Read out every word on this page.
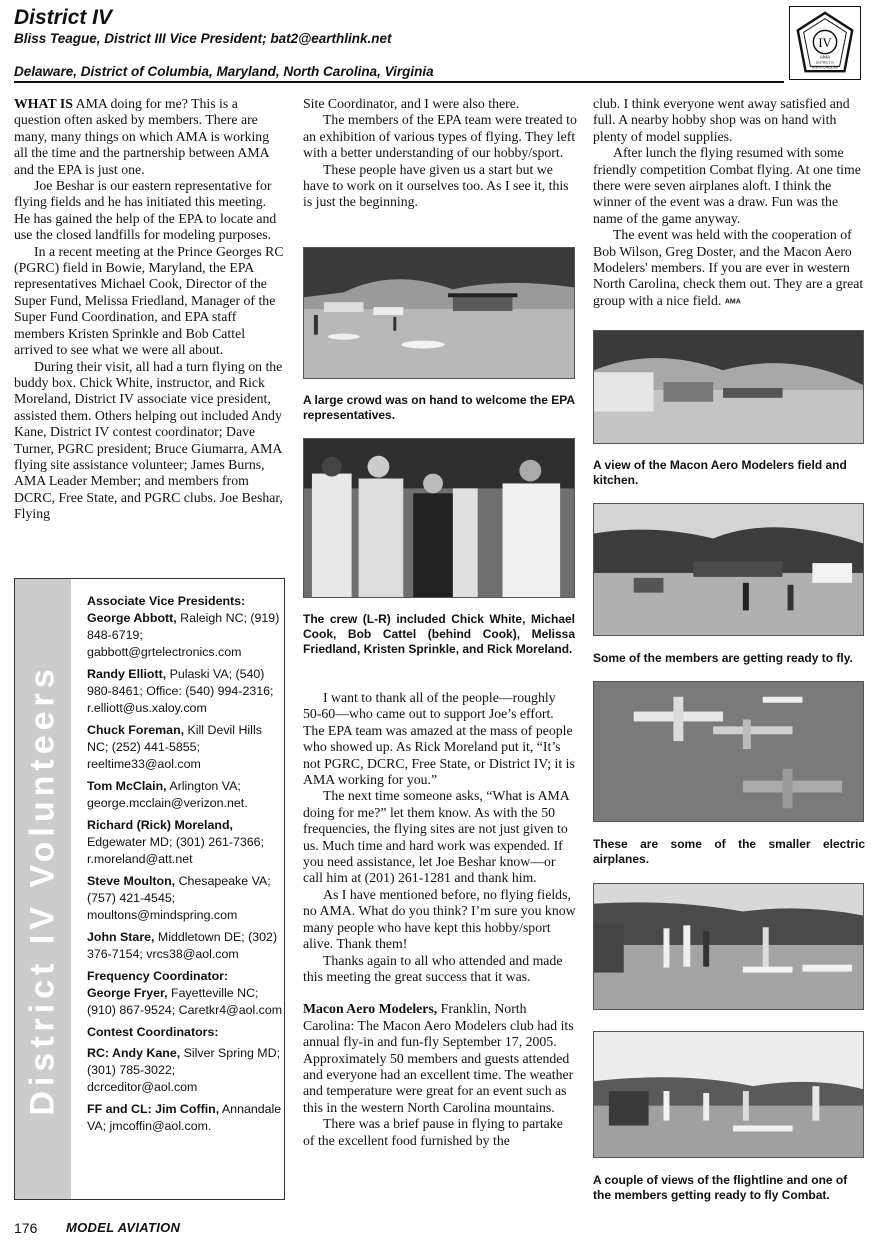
District IV
Bliss Teague, District III Vice President; bat2@earthlink.net
Delaware, District of Columbia, Maryland, North Carolina, Virginia
IV
AMA
DISTRICT IV
NORTH CAROLINA

WHAT IS AMA doing for me? This is a question often asked by members. There are many, many things on which AMA is working all the time and the partnership between AMA and the EPA is just one.

Joe Beshar is our eastern representative for flying fields and he has initiated this meeting. He has gained the help of the EPA to locate and use the closed landfills for modeling purposes.

In a recent meeting at the Prince Georges RC (PGRC) field in Bowie, Maryland, the EPA representatives Michael Cook, Director of the Super Fund, Melissa Friedland, Manager of the Super Fund Coordination, and EPA staff members Kristen Sprinkle and Bob Cattel arrived to see what we were all about.

During their visit, all had a turn flying on the buddy box. Chick White, instructor, and Rick Moreland, District IV associate vice president, assisted them. Others helping out included Andy Kane, District IV contest coordinator; Dave Turner, PGRC president; Bruce Giumarra, AMA flying site assistance volunteer; James Burns, AMA Leader Member; and members from DCRC, Free State, and PGRC clubs. Joe Beshar, Flying

Site Coordinator, and I were also there.

The members of the EPA team were treated to an exhibition of various types of flying. They left with a better understanding of our hobby/sport.

These people have given us a start but we have to work on it ourselves too. As I see it, this is just the beginning.

A large crowd was on hand to welcome the EPA representatives.
The crew (L-R) included Chick White, Michael Cook, Bob Cattel (behind Cook), Melissa Friedland, Kristen Sprinkle, and Rick Moreland.

I want to thank all of the people—roughly 50-60—who came out to support Joe’s effort. The EPA team was amazed at the mass of people who showed up. As Rick Moreland put it, “It’s not PGRC, DCRC, Free State, or District IV; it is AMA working for you.”

The next time someone asks, “What is AMA doing for me?” let them know. As with the 50 frequencies, the flying sites are not just given to us. Much time and hard work was expended. If you need assistance, let Joe Beshar know—or call him at (201) 261-1281 and thank him.

As I have mentioned before, no flying fields, no AMA. What do you think? I’m sure you know many people who have kept this hobby/sport alive. Thank them!

Thanks again to all who attended and made this meeting the great success that it was.

Macon Aero Modelers, Franklin, North Carolina: The Macon Aero Modelers club had its annual fly-in and fun-fly September 17, 2005. Approximately 50 members and guests attended and everyone had an excellent time. The weather and temperature were great for an event such as this in the western North Carolina mountains.

There was a brief pause in flying to partake of the excellent food furnished by the

club. I think everyone went away satisfied and full. A nearby hobby shop was on hand with plenty of model supplies.

After lunch the flying resumed with some friendly competition Combat flying. At one time there were seven airplanes aloft. I think the winner of the event was a draw. Fun was the name of the game anyway.

The event was held with the cooperation of Bob Wilson, Greg Doster, and the Macon Aero Modelers' members. If you are ever in western North Carolina, check them out. They are a great group with a nice field. AMA

A view of the Macon Aero Modelers field and kitchen.
Some of the members are getting ready to fly.
These are some of the smaller electric airplanes.
A couple of views of the flightline and one of the members getting ready to fly Combat.
District IV Volunteers
Associate Vice Presidents:
George Abbott, Raleigh NC; (919) 848-6719; gabbott@grtelectronics.com
Randy Elliott, Pulaski VA; (540) 980-8461; Office: (540) 994-2316; r.elliott@us.xaloy.com
Chuck Foreman, Kill Devil Hills NC; (252) 441-5855; reeltime33@aol.com
Tom McClain, Arlington VA; george.mcclain@verizon.net.
Richard (Rick) Moreland, Edgewater MD; (301) 261-7366; r.moreland@att.net
Steve Moulton, Chesapeake VA; (757) 421-4545; moultons@mindspring.com
John Stare, Middletown DE; (302) 376-7154; vrcs38@aol.com
Frequency Coordinator:
George Fryer, Fayetteville NC; (910) 867-9524; Caretkr4@aol.com
Contest Coordinators:
RC: Andy Kane, Silver Spring MD; (301) 785-3022; dcrceditor@aol.com
FF and CL: Jim Coffin, Annandale VA; jmcoffin@aol.com.
176 MODEL AVIATION
